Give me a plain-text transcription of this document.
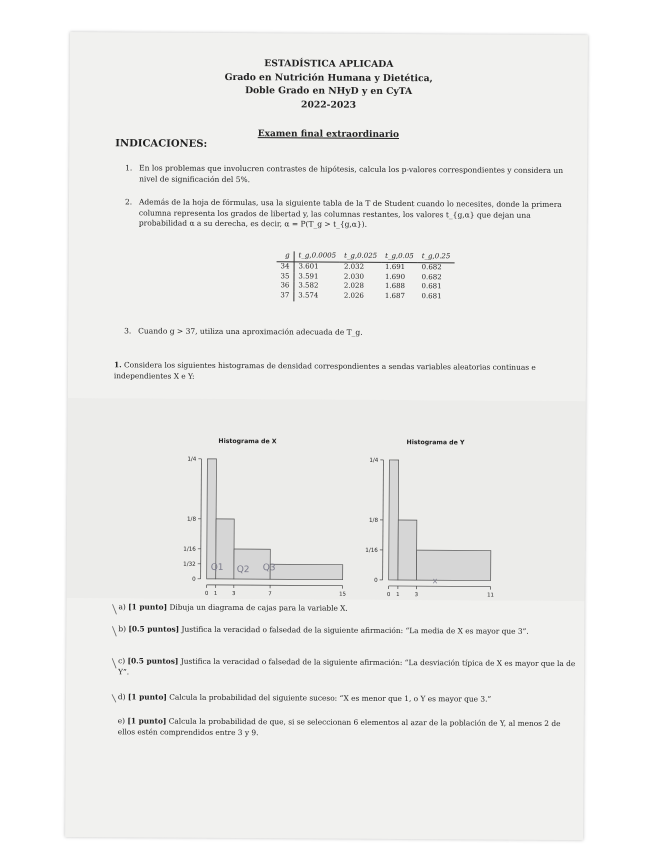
ESTADÍSTICA APLICADA
Grado en Nutrición Humana y Dietética,
Doble Grado en NHyD y en CyTA
2022-2023
Examen final extraordinario
INDICACIONES:
1. En los problemas que involucren contrastes de hipótesis, calcula los p-valores correspondientes y considera un nivel de significación del 5%.
2. Además de la hoja de fórmulas, usa la siguiente tabla de la T de Student cuando lo necesites, donde la primera columna representa los grados de libertad y, las columnas restantes, los valores t_{g,α} que dejan una probabilidad α a su derecha, es decir, α = P(T_g > t_{g,α}).
g	t_g,0.0005	t_g,0.025	t_g,0.05	t_g,0.25
34	3.601	2.032	1.691	0.682
35	3.591	2.030	1.690	0.682
36	3.582	2.028	1.688	0.681
37	3.574	2.026	1.687	0.681
3. Cuando g > 37, utiliza una aproximación adecuada de T_g.
1. Considera los siguientes histogramas de densidad correspondientes a sendas variables aleatorias continuas e independientes X e Y:
Histograma de X
0
1/32
1/16
1/8
1/4
0 1	3	7	15
Histograma de Y
0
1/16
1/8
1/4
0 1	3	11
Q1 Q2 Q3
x
a) [1 punto] Dibuja un diagrama de cajas para la variable X.
b) [0.5 puntos] Justifica la veracidad o falsedad de la siguiente afirmación: “La media de X es mayor que 3”.
c) [0.5 puntos] Justifica la veracidad o falsedad de la siguiente afirmación: “La desviación típica de X es mayor que la de Y”.
d) [1 punto] Calcula la probabilidad del siguiente suceso: “X es menor que 1, o Y es mayor que 3.”
e) [1 punto] Calcula la probabilidad de que, si se seleccionan 6 elementos al azar de la población de Y, al menos 2 de ellos estén comprendidos entre 3 y 9.
